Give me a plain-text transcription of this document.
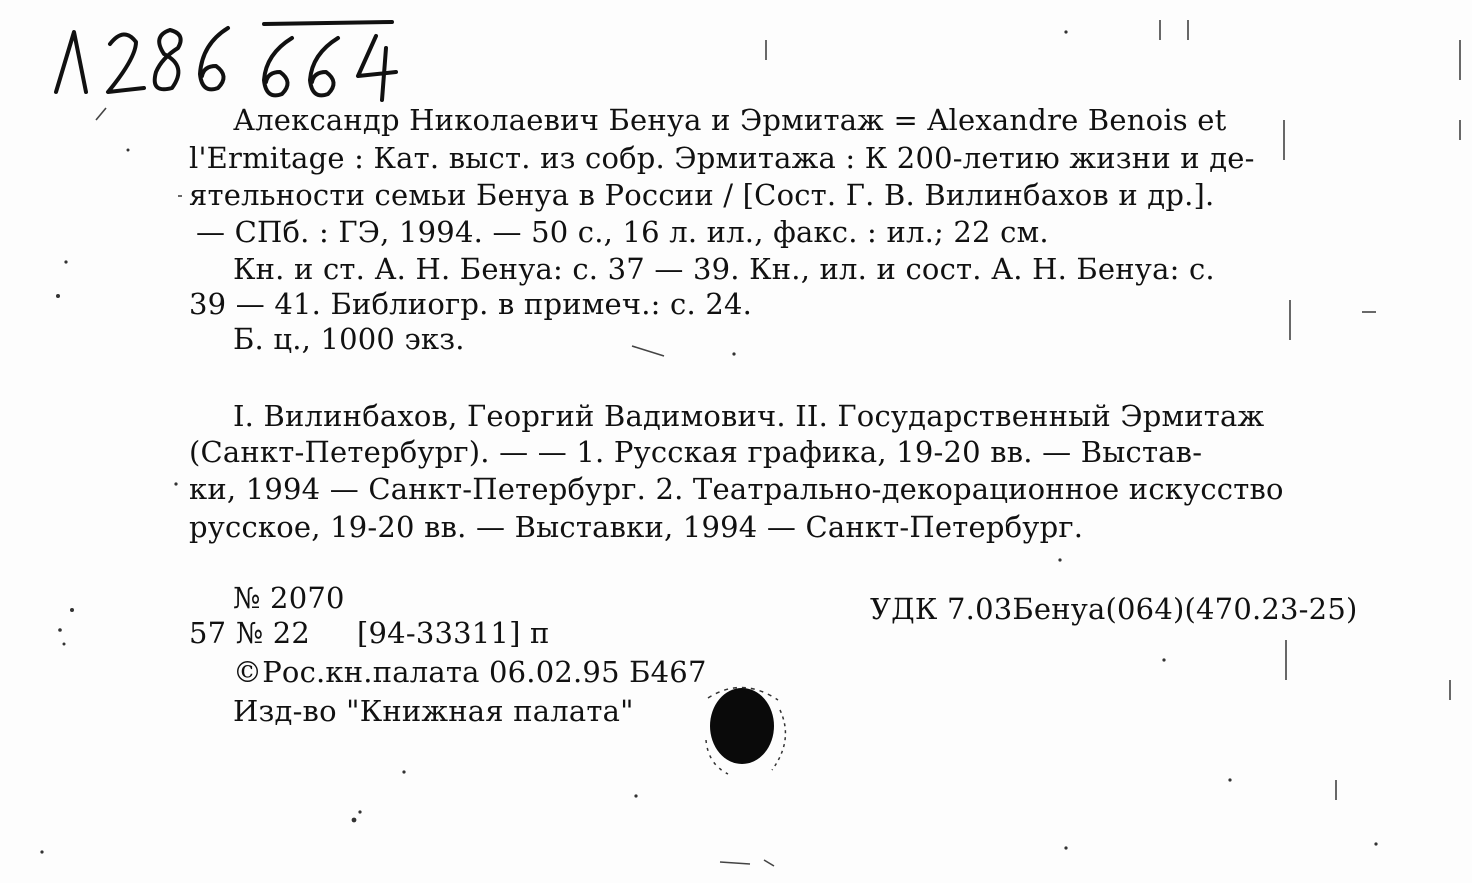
Александр Николаевич Бенуа и Эрмитаж = Alexandre Benois et
l'Ermitage : Кат. выст. из собр. Эрмитажа : К 200-летию жизни и де-
ятельности семьи Бенуа в России / [Сост. Г. В. Вилинбахов и др.].
— СПб. : ГЭ, 1994. — 50 с., 16 л. ил., факс. : ил.; 22 см.
Кн. и ст. А. Н. Бенуа: с. 37 — 39. Кн., ил. и сост. А. Н. Бенуа: с.
39 — 41. Библиогр. в примеч.: с. 24.
Б. ц., 1000 экз.
I. Вилинбахов, Георгий Вадимович. II. Государственный Эрмитаж
(Санкт-Петербург). — — 1. Русская графика, 19-20 вв. — Выстав-
ки, 1994 — Санкт-Петербург. 2. Театрально-декорационное искусство
русское, 19-20 вв. — Выставки, 1994 — Санкт-Петербург.
№ 2070
57 № 22 [94-33311] п
©Рос.кн.палата 06.02.95 Б467
Изд-во "Книжная палата"
УДК 7.03Бенуа(064)(470.23-25)
